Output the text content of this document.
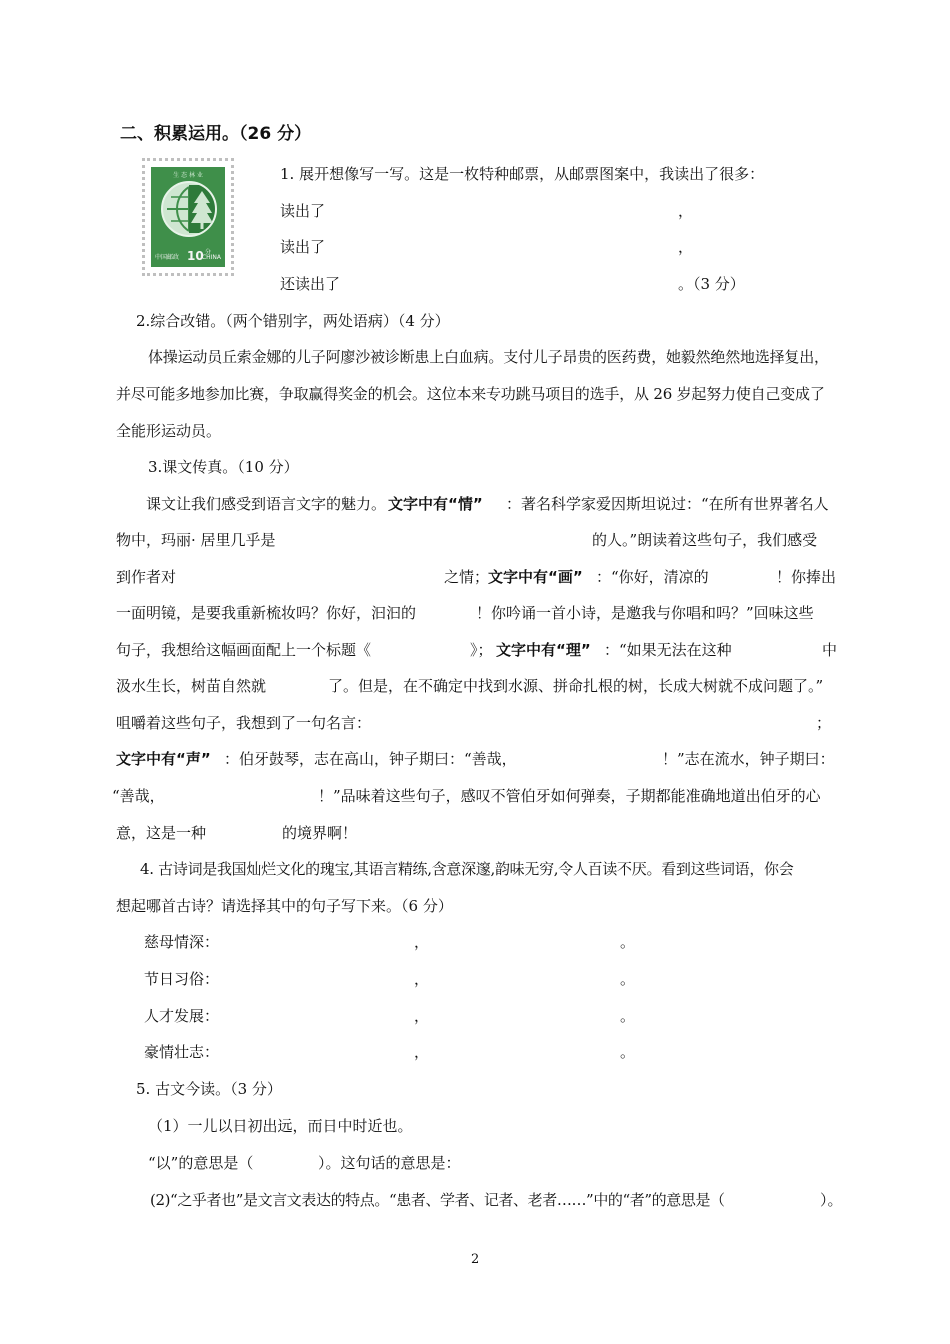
二、积累运用。（26 分）
生 态 林 业
中国邮政 10 分
CHINA
1. 展开想像写一写。这是一枚特种邮票，从邮票图案中，我读出了很多：
读出了	，
读出了	，
还读出了	。（3 分）
2.综合改错。（两个错别字，两处语病）（4 分）
体操运动员丘索金娜的儿子阿廖沙被诊断患上白血病。支付儿子昂贵的医药费，她毅然绝然地选择复出，
并尽可能多地参加比赛，争取赢得奖金的机会。这位本来专功跳马项目的选手，从 26 岁起努力使自己变成了
全能形运动员。
3.课文传真。（10 分）
课文让我们感受到语言文字的魅力。 文字中有“情” ：著名科学家爱因斯坦说过：“在所有世界著名人
物中，玛丽· 居里几乎是	的人。”朗读着这些句子，我们感受
到作者对	之情；
文字中有“画” ：“你好，清凉的	！你捧出
一面明镜，是要我重新梳妆吗？你好，汩汩的	！你吟诵一首小诗，是邀我与你唱和吗？”回味这些
句子，我想给这幅画面配上一个标题《	》； 文字中有“理” ：“如果无法在这种	中
汲水生长，树苗自然就	了。但是，在不确定中找到水源、拼命扎根的树，长成大树就不成问题了。”
咀嚼着这些句子，我想到了一句名言：	；
文字中有“声” ：伯牙鼓琴，志在高山，钟子期曰：“善哉，	！”志在流水，钟子期曰：
“善哉，	！”品味着这些句子，感叹不管伯牙如何弹奏，子期都能准确地道出伯牙的心
意，这是一种	的境界啊！
4. 古诗词是我国灿烂文化的瑰宝,其语言精练,含意深邃,韵味无穷,令人百读不厌。看到这些词语，你会
想起哪首古诗？请选择其中的句子写下来。（6 分）
慈母情深：	，	。
节日习俗：	，	。
人才发展：	，	。
豪情壮志：	，	。
5. 古文今读。（3 分）
（1）一儿以日初出远，而日中时近也。
“以”的意思是（	）。这句话的意思是：
(2)“之乎者也”是文言文表达的特点。“患者、学者、记者、老者……”中的“者”的意思是（	）。
2
